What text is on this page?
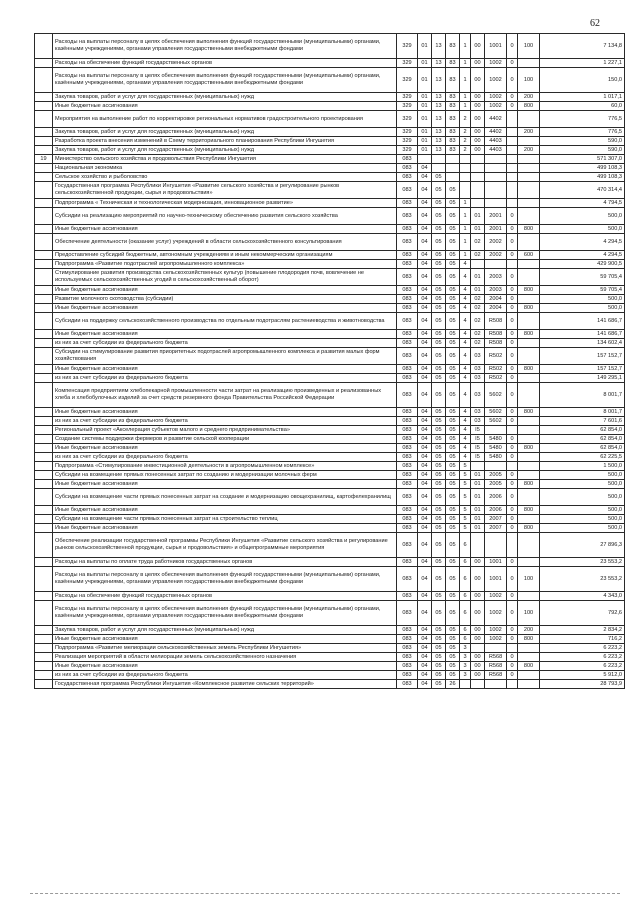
62
	Расходы на выплаты персоналу в целях обеспечения выполнения функций государственными (муниципальными) органами, казёнными учреждениями, органами управления государственными внебюджетными фондами	329	01	13	83	1	00	1001	0	100	7 134,8
	Расходы на обеспечение функций государственных органов	329	01	13	83	1	00	1002	0		1 227,1
	Расходы на выплаты персоналу в целях обеспечения выполнения функций государственными (муниципальными) органами, казёнными учреждениями, органами управления государственными внебюджетными фондами	329	01	13	83	1	00	1002	0	100	150,0
	Закупка товаров, работ и услуг для государственных (муниципальных) нужд	329	01	13	83	1	00	1002	0	200	1 017,1
	Иные бюджетные ассигнования	329	01	13	83	1	00	1002	0	800	60,0
	Мероприятия на выполнение работ по корректировке региональных нормативов градостроительного проектирования	329	01	13	83	2	00	4402			776,5
	Закупка товаров, работ и услуг для государственных (муниципальных) нужд	329	01	13	83	2	00	4402		200	776,5
	Разработка проекта внесения изменений в Схему территориального планирования Республики Ингушетия	329	01	13	83	2	00	4403			590,0
	Закупка товаров, работ и услуг для государственных (муниципальных) нужд	329	01	13	83	2	00	4403		200	590,0
19	Министерство сельского хозяйства и продовольствия Республики Ингушетия	083									571 307,0
	Национальная экономика	083	04								499 108,3
	Сельское хозяйство и рыболовство	083	04	05							499 108,3
	Государственная программа Республики Ингушетия «Развитие сельского хозяйства и регулирование рынков сельскохозяйственной продукции, сырья и продовольствия»	083	04	05	05						470 314,4
	Подпрограмма « Техническая и технологическая модернизация, инновационное развитие»	083	04	05	05	1					4 794,5
	Субсидии на реализацию мероприятий по научно-техническому обеспечению развития сельского хозяйства	083	04	05	05	1	01	2001	0		500,0
	Иные бюджетные ассигнования	083	04	05	05	1	01	2001	0	800	500,0
	Обеспечение деятельности (оказание услуг) учреждений в области сельскохозяйственного консультирования	083	04	05	05	1	02	2002	0		4 294,5
	Предоставление субсидий бюджетным, автономным учреждениям и иным некоммерческим организациям	083	04	05	05	1	02	2002	0	600	4 294,5
	Подпрограмма «Развитие подотраслей агропромышленного комплекса»	083	04	05	05	4					429 900,5
	Стимулирование развития производства сельскохозяйственных культур (повышение плодородия почв, вовлечение не используемых сельскохозяйственных угодий в сельскохозяйственный оборот)	083	04	05	05	4	01	2003	0		59 705,4
	Иные бюджетные ассигнования	083	04	05	05	4	01	2003	0	800	59 705,4
	Развитие молочного скотоводства (субсидии)	083	04	05	05	4	02	2004	0		500,0
	Иные бюджетные ассигнования	083	04	05	05	4	02	2004	0	800	500,0
	Субсидии на поддержку сельскохозяйственного производства по отдельным подотраслям растениеводства и животноводства	083	04	05	05	4	02	R508	0		141 686,7
	Иные бюджетные ассигнования	083	04	05	05	4	02	R508	0	800	141 686,7
	из них за счет субсидии из федерального бюджета	083	04	05	05	4	02	R508	0		134 602,4
	Субсидии на стимулирование развития приоритетных подотраслей агропромышленного комплекса и развития малых форм хозяйствования	083	04	05	05	4	03	R502	0		157 152,7
	Иные бюджетные ассигнования	083	04	05	05	4	03	R502	0	800	157 152,7
	из них за счет субсидии из федерального бюджета	083	04	05	05	4	03	R502	0		149 295,1
	Компенсация предприятиям хлебопекарной промышленности части затрат на реализацию произведенных и реализованных хлеба и хлебобулочных изделий за счет средств резервного фонда Правительства Российской Федерации	083	04	05	05	4	03	5602	0		8 001,7
	Иные бюджетные ассигнования	083	04	05	05	4	03	5602	0	800	8 001,7
	из них за счет субсидии из федерального бюджета	083	04	05	05	4	03	5602	0		7 601,6
	Региональный проект «Акселерация субъектов малого и среднего предпринимательства»	083	04	05	05	4	I5				62 854,0
	Создание системы поддержки фермеров и развитие сельской кооперации	083	04	05	05	4	I5	5480	0		62 854,0
	Иные бюджетные ассигнования	083	04	05	05	4	I5	5480	0	800	62 854,0
	из них за счет субсидии из федерального бюджета	083	04	05	05	4	I5	5480	0		62 225,5
	Подпрограмма «Стимулирование инвестиционной деятельности в агропромышленном комплексе»	083	04	05	05	5					1 500,0
	Субсидии на возмещение прямых понесенных затрат по созданию и модернизации молочных ферм	083	04	05	05	5	01	2005	0		500,0
	Иные бюджетные ассигнования	083	04	05	05	5	01	2005	0	800	500,0
	Субсидии на возмещение части прямых понесенных затрат на создание и модернизацию овощехранилищ, картофелехранилищ	083	04	05	05	5	01	2006	0		500,0
	Иные бюджетные ассигнования	083	04	05	05	5	01	2006	0	800	500,0
	Субсидии на возмещение части прямых понесенных затрат на строительство теплиц	083	04	05	05	5	01	2007	0		500,0
	Иные бюджетные ассигнования	083	04	05	05	5	01	2007	0	800	500,0
	Обеспечение реализации государственной программы Республики Ингушетия «Развитие сельского хозяйства и регулирование рынков сельскохозяйственной продукции, сырья и продовольствия» и общепрограммные мероприятия	083	04	05	05	6					27 896,3
	Расходы на выплаты по оплате труда работников государственных органов	083	04	05	05	6	00	1001	0		23 553,2
	Расходы на выплаты персоналу в целях обеспечения выполнения функций государственными (муниципальными) органами, казёнными учреждениями, органами управления государственными внебюджетными фондами	083	04	05	05	6	00	1001	0	100	23 553,2
	Расходы на обеспечение функций государственных органов	083	04	05	05	6	00	1002	0		4 343,0
	Расходы на выплаты персоналу в целях обеспечения выполнения функций государственными (муниципальными) органами, казёнными учреждениями, органами управления государственными внебюджетными фондами	083	04	05	05	6	00	1002	0	100	792,6
	Закупка товаров, работ и услуг для государственных (муниципальных) нужд	083	04	05	05	6	00	1002	0	200	2 834,2
	Иные бюджетные ассигнования	083	04	05	05	6	00	1002	0	800	716,2
	Подпрограмма «Развитие мелиорации сельскохозяйственных земель Республики Ингушетия»	083	04	05	05	3					6 223,2
	Реализация мероприятий в области мелиорации земель сельскохозяйственного назначения	083	04	05	05	3	00	R568	0		6 223,2
	Иные бюджетные ассигнования	083	04	05	05	3	00	R568	0	800	6 223,2
	из них за счет субсидии из федерального бюджета	083	04	05	05	3	00	R568	0		5 912,0
	Государственная программа Республики Ингушетия «Комплексное развитие сельских территорий»	083	04	05	26						28 793,9
